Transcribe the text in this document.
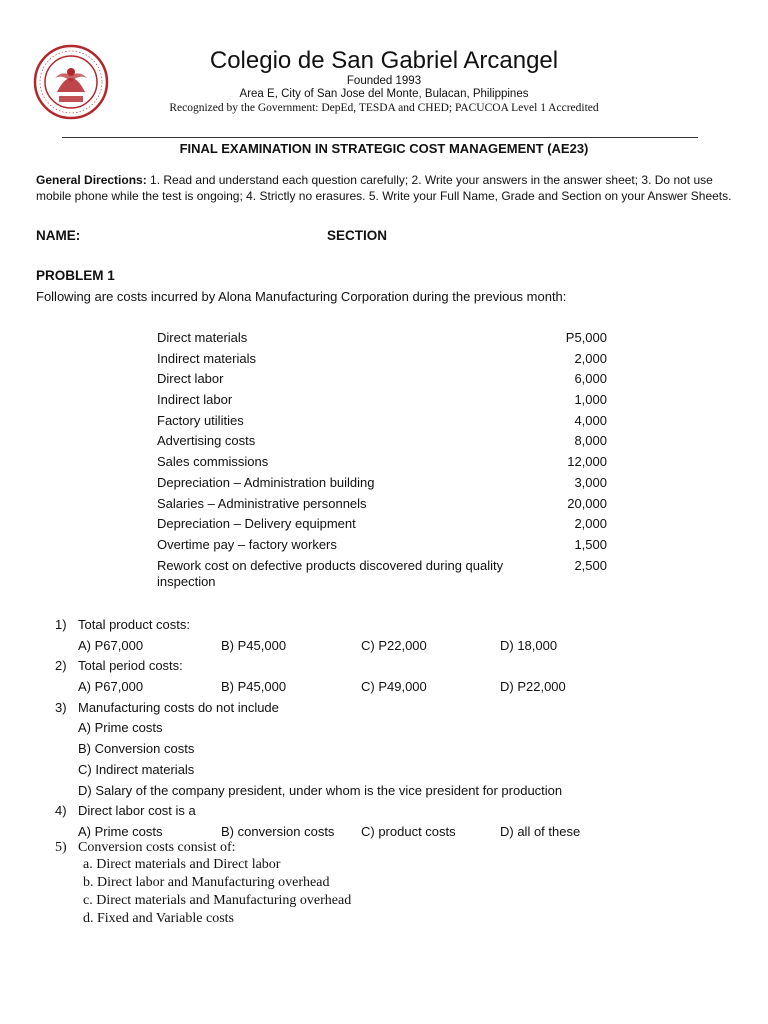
Colegio de San Gabriel Arcangel
Founded 1993
Area E, City of San Jose del Monte, Bulacan, Philippines
Recognized by the Government: DepEd, TESDA and CHED; PACUCOA Level 1 Accredited
FINAL EXAMINATION IN STRATEGIC COST MANAGEMENT (AE23)
General Directions: 1. Read and understand each question carefully; 2. Write your answers in the answer sheet; 3. Do not use mobile phone while the test is ongoing; 4. Strictly no erasures. 5. Write your Full Name, Grade and Section on your Answer Sheets.
NAME:	SECTION
PROBLEM 1
Following are costs incurred by Alona Manufacturing Corporation during the previous month:
Direct materials	P5,000
Indirect materials	2,000
Direct labor	6,000
Indirect labor	1,000
Factory utilities	4,000
Advertising costs	8,000
Sales commissions	12,000
Depreciation – Administration building	3,000
Salaries – Administrative personnels	20,000
Depreciation – Delivery equipment	2,000
Overtime pay – factory workers	1,500
Rework cost on defective products discovered during quality inspection
2,500
1) Total product costs:
A) P67,000	B) P45,000	C) P22,000	D) 18,000
2) Total period costs:
A) P67,000	B) P45,000	C) P49,000	D) P22,000
3) Manufacturing costs do not include
A) Prime costs
B) Conversion costs
C) Indirect materials
D) Salary of the company president, under whom is the vice president for production
4) Direct labor cost is a
A) Prime costs	B) conversion costs C) product costs	D) all of these
5) Conversion costs consist of:
a. Direct materials and Direct labor
b. Direct labor and Manufacturing overhead
c. Direct materials and Manufacturing overhead
d. Fixed and Variable costs
